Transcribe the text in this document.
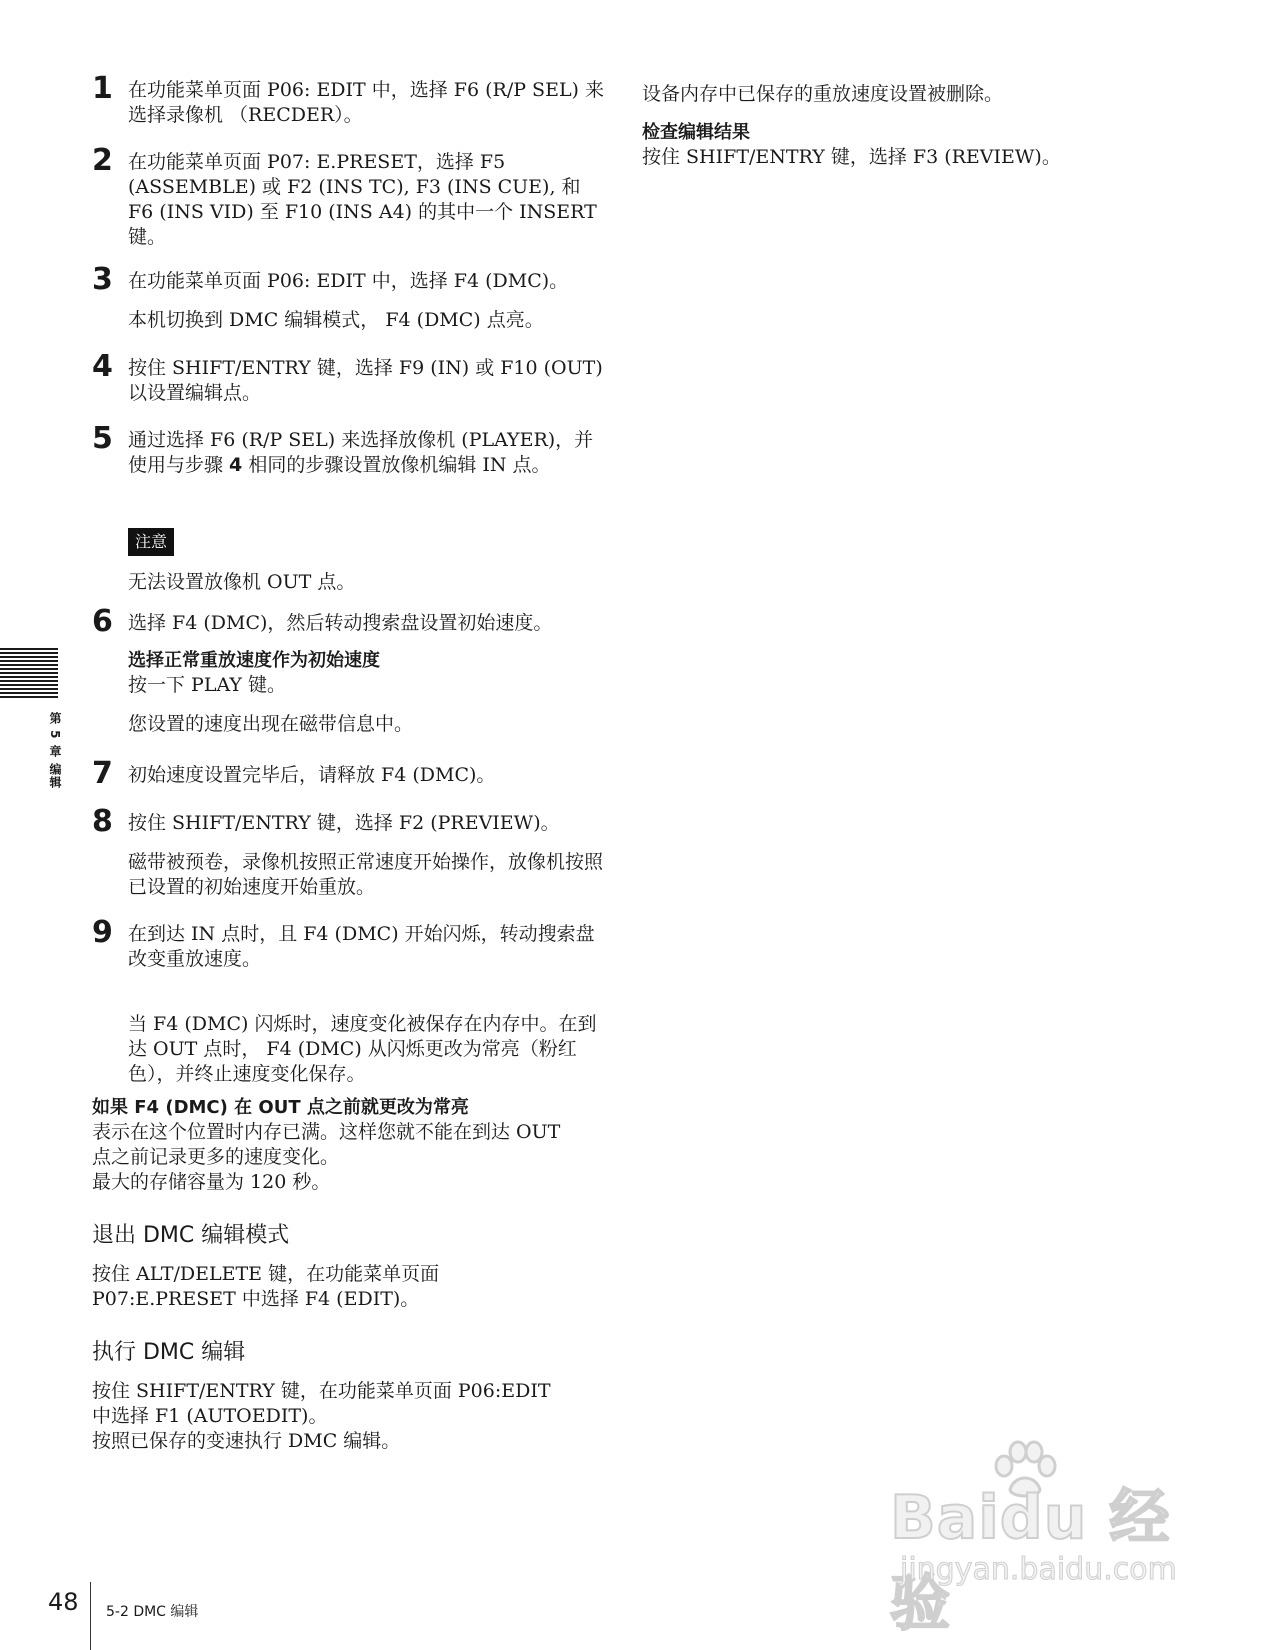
1 在功能菜单页面 P06: EDIT 中，选择 F6 (R/P SEL) 来选择录像机 （RECDER）。
2 在功能菜单页面 P07: E.PRESET，选择 F5 (ASSEMBLE) 或 F2 (INS TC), F3 (INS CUE), 和 F6 (INS VID) 至 F10 (INS A4) 的其中一个 INSERT 键。
3 在功能菜单页面 P06: EDIT 中，选择 F4 (DMC)。
本机切换到 DMC 编辑模式， F4 (DMC) 点亮。
4 按住 SHIFT/ENTRY 键，选择 F9 (IN) 或 F10 (OUT) 以设置编辑点。
5 通过选择 F6 (R/P SEL) 来选择放像机 (PLAYER)，并使用与步骤 4 相同的步骤设置放像机编辑 IN 点。
注意
无法设置放像机 OUT 点。
6 选择 F4 (DMC)，然后转动搜索盘设置初始速度。
选择正常重放速度作为初始速度
按一下 PLAY 键。
您设置的速度出现在磁带信息中。
7 初始速度设置完毕后，请释放 F4 (DMC)。
8 按住 SHIFT/ENTRY 键，选择 F2 (PREVIEW)。
磁带被预卷，录像机按照正常速度开始操作，放像机按照已设置的初始速度开始重放。
9 在到达 IN 点时，且 F4 (DMC) 开始闪烁，转动搜索盘改变重放速度。
当 F4 (DMC) 闪烁时，速度变化被保存在内存中。在到达 OUT 点时， F4 (DMC) 从闪烁更改为常亮（粉红色），并终止速度变化保存。
如果 F4 (DMC) 在 OUT 点之前就更改为常亮
表示在这个位置时内存已满。这样您就不能在到达 OUT 点之前记录更多的速度变化。
最大的存储容量为 120 秒。
退出 DMC 编辑模式
按住 ALT/DELETE 键，在功能菜单页面 P07:E.PRESET 中选择 F4 (EDIT)。
执行 DMC 编辑
按住 SHIFT/ENTRY 键，在功能菜单页面 P06:EDIT 中选择 F1 (AUTOEDIT)。
按照已保存的变速执行 DMC 编辑。
设备内存中已保存的重放速度设置被删除。
检查编辑结果
按住 SHIFT/ENTRY 键，选择 F3 (REVIEW)。
第 5 章 编辑
48 5-2 DMC 编辑
Baidu 经验
jingyan.baidu.com
